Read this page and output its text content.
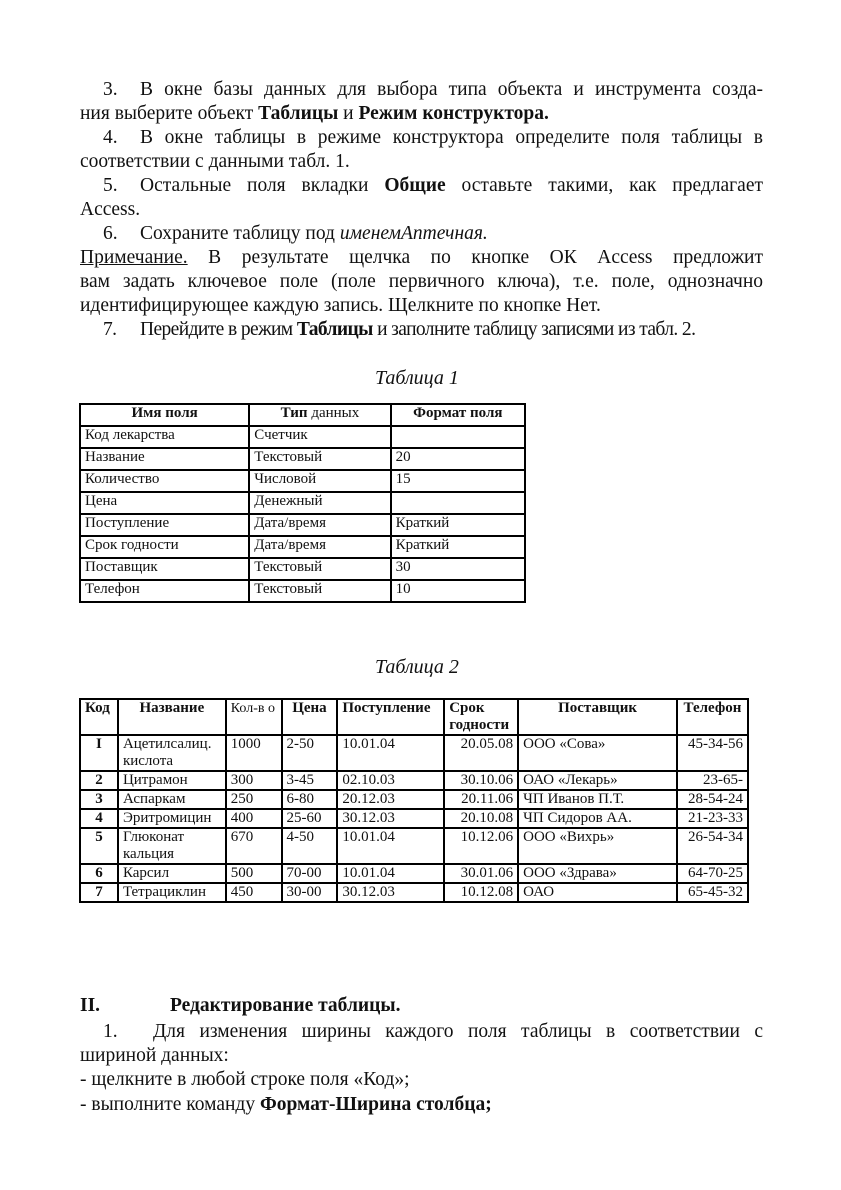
3. В окне базы данных для выбора типа объекта и инструмента созда-
ния выберите объект Таблицы и Режим конструктора.
4. В окне таблицы в режиме конструктора определите поля таблицы в
соответствии с данными табл. 1.
5. Остальные поля вкладки Общие оставьте такими, как предлагает
Access.
6. Сохраните таблицу под именемАптечная.
Примечание. В результате щелчка по кнопке ОК Access предложит
вам задать ключевое поле (поле первичного ключа), т.е. поле, однозначно
идентифицирующее каждую запись. Щелкните по кнопке Нет.
7. Перейдите в режим Таблицы и заполните таблицу записями из табл. 2.
Таблица 1
Имя поля	Тип данных	Формат поля
Код лекарства	Счетчик	
Название	Текстовый	20
Количество	Числовой	15
Цена	Денежный	
Поступление	Дата/время	Краткий
Срок годности	Дата/время	Краткий
Поставщик	Текстовый	30
Телефон	Текстовый	10
Таблица 2
Код	Название	Кол-в о	Цена	Поступление	Срок годности	Поставщик	Телефон
I	Ацетилсалиц. кислота	1000	2-50	10.01.04	20.05.08	ООО «Сова»	45-34-56
2	Цитрамон	300	3-45	02.10.03	30.10.06	ОАО «Лекарь»	23-65-
3	Аспаркам	250	6-80	20.12.03	20.11.06	ЧП Иванов П.Т.	28-54-24
4	Эритромицин	400	25-60	30.12.03	20.10.08	ЧП Сидоров АА.	21-23-33
5	Глюконат кальция	670	4-50	10.01.04	10.12.06	ООО «Вихрь»	26-54-34
6	Карсил	500	70-00	10.01.04	30.01.06	ООО «Здрава»	64-70-25
7	Тетрациклин	450	30-00	30.12.03	10.12.08	ОАО	65-45-32
II.	Редактирование таблицы.
1. Для изменения ширины каждого поля таблицы в соответствии с
шириной данных:
- щелкните в любой строке поля «Код»;
- выполните команду Формат-Ширина столбца;
